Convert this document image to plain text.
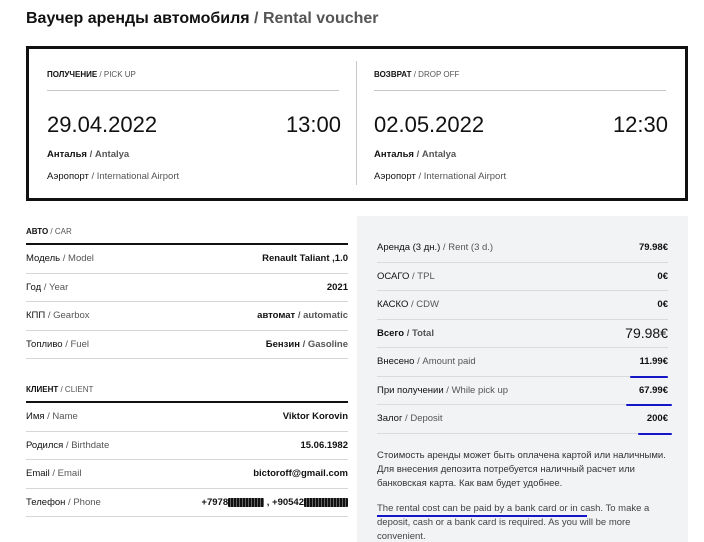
Ваучер аренды автомобиля / Rental voucher
ПОЛУЧЕНИЕ / PICK UP
29.04.2022	13:00
Анталья / Antalya
Аэропорт / International Airport
ВОЗВРАТ / DROP OFF
02.05.2022	12:30
Анталья / Antalya
Аэропорт / International Airport
АВТО / CAR
Модель / Model	Renault Taliant ,1.0
Год / Year	2021
КПП / Gearbox	автомат / automatic
Топливо / Fuel	Бензин / Gasoline
КЛИЕНТ / CLIENT
Имя / Name	Viktor Korovin
Родился / Birthdate	15.06.1982
Email / Email	bictoroff@gmail.com
Телефон / Phone	+7978	, +90542
Аренда (3 дн.) / Rent (3 d.)	79.98€
ОСАГО / TPL	0€
КАСКО / CDW	0€
Всего / Total	79.98€
Внесено / Amount paid	11.99€
При получении / While pick up	67.99€
Залог / Deposit	200€
Стоимость аренды может быть оплачена картой или наличными. Для внесения депозита потребуется наличный расчет или банковская карта. Как вам будет удобнее.
The rental cost can be paid by a bank card or in cash. To make a deposit, cash or a bank card is required. As you will be more convenient.
